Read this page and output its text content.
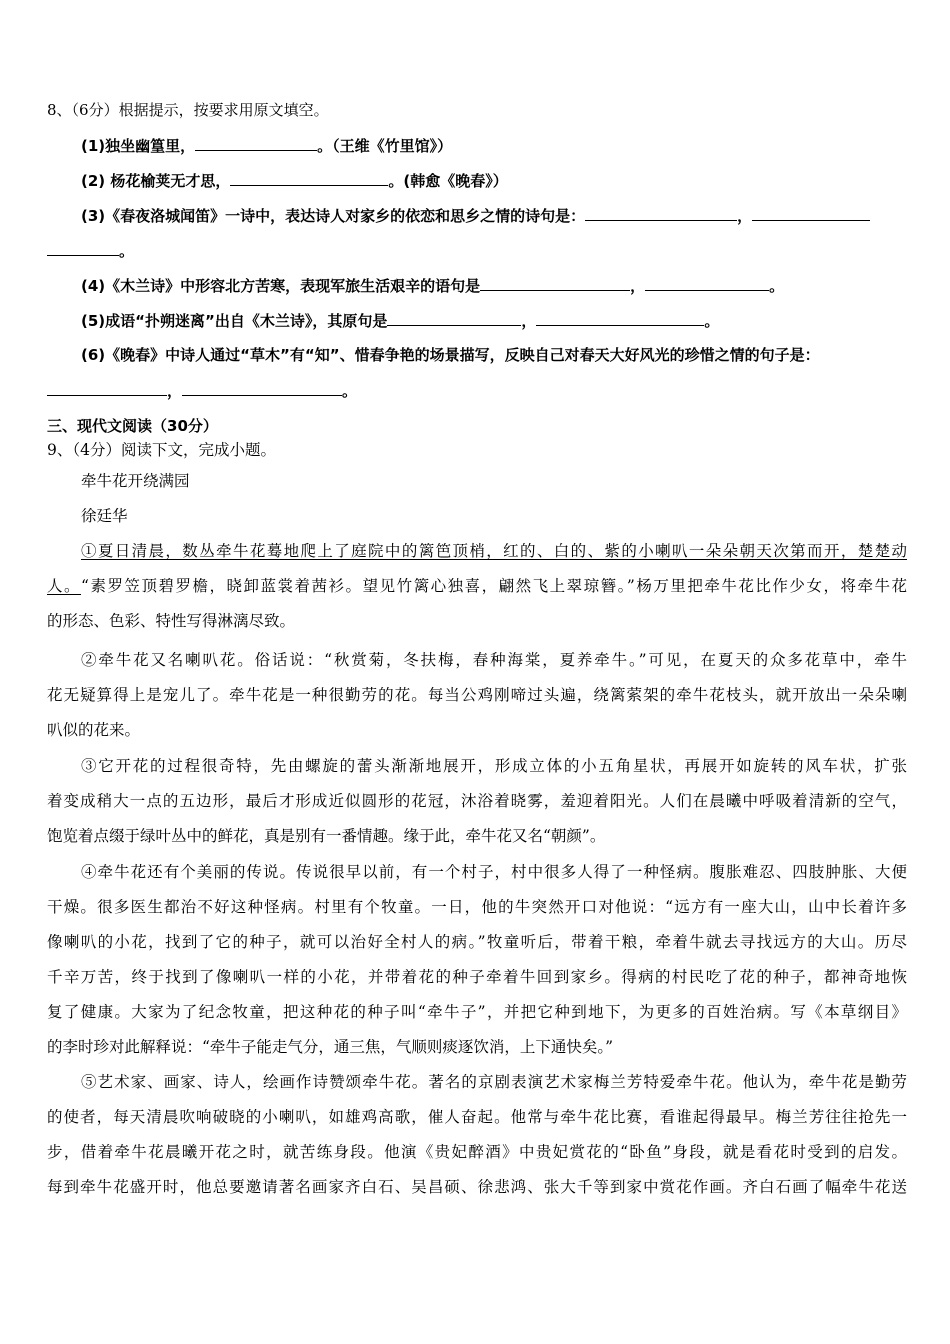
8、（6分）根据提示，按要求用原文填空。
(1)独坐幽篁里，	。（王维《竹里馆》）
(2) 杨花榆荚无才思，	。(韩愈《晚春》）
(3)《春夜洛城闻笛》一诗中，表达诗人对家乡的依恋和思乡之情的诗句是：	，
。
(4)《木兰诗》中形容北方苦寒，表现军旅生活艰辛的语句是	，	。
(5)成语“扑朔迷离”出自《木兰诗》，其原句是	，	。
(6)《晚春》中诗人通过“草木”有“知”、惜春争艳的场景描写，反映自己对春天大好风光的珍惜之情的句子是：
，	。
三、现代文阅读（30分）
9、（4分）阅读下文，完成小题。
牵牛花开绕满园
徐廷华
①夏日清晨，数丛牵牛花蓦地爬上了庭院中的篱笆顶梢，红的、白的、紫的小喇叭一朵朵朝天次第而开，楚楚动
人。“素罗笠顶碧罗檐，晓卸蓝裳着茜衫。望见竹篱心独喜，翩然飞上翠琼簪。”杨万里把牵牛花比作少女，将牵牛花
的形态、色彩、特性写得淋漓尽致。
②牵牛花又名喇叭花。俗话说：“秋赏菊，冬扶梅，春种海棠，夏养牵牛。”可见，在夏天的众多花草中，牵牛
花无疑算得上是宠儿了。牵牛花是一种很勤劳的花。每当公鸡刚啼过头遍，绕篱萦架的牵牛花枝头，就开放出一朵朵喇
叭似的花来。
③它开花的过程很奇特，先由螺旋的蕾头渐渐地展开，形成立体的小五角星状，再展开如旋转的风车状，扩张
着变成稍大一点的五边形，最后才形成近似圆形的花冠，沐浴着晓雾，羞迎着阳光。人们在晨曦中呼吸着清新的空气，
饱览着点缀于绿叶丛中的鲜花，真是别有一番情趣。缘于此，牵牛花又名“朝颜”。
④牵牛花还有个美丽的传说。传说很早以前，有一个村子，村中很多人得了一种怪病。腹胀难忍、四肢肿胀、大便
干燥。很多医生都治不好这种怪病。村里有个牧童。一日，他的牛突然开口对他说：“远方有一座大山，山中长着许多
像喇叭的小花，找到了它的种子，就可以治好全村人的病。”牧童听后，带着干粮，牵着牛就去寻找远方的大山。历尽
千辛万苦，终于找到了像喇叭一样的小花，并带着花的种子牵着牛回到家乡。得病的村民吃了花的种子，都神奇地恢
复了健康。大家为了纪念牧童，把这种花的种子叫“牵牛子”，并把它种到地下，为更多的百姓治病。写《本草纲目》
的李时珍对此解释说：“牵牛子能走气分，通三焦，气顺则痰逐饮消，上下通快矣。”
⑤艺术家、画家、诗人，绘画作诗赞颂牵牛花。著名的京剧表演艺术家梅兰芳特爱牵牛花。他认为，牵牛花是勤劳
的使者，每天清晨吹响破晓的小喇叭，如雄鸡高歌，催人奋起。他常与牵牛花比赛，看谁起得最早。梅兰芳往往抢先一
步，借着牵牛花晨曦开花之时，就苦练身段。他演《贵妃醉酒》中贵妃赏花的“卧鱼”身段，就是看花时受到的启发。
每到牵牛花盛开时，他总要邀请著名画家齐白石、吴昌硕、徐悲鸿、张大千等到家中赏花作画。齐白石画了幅牵牛花送
